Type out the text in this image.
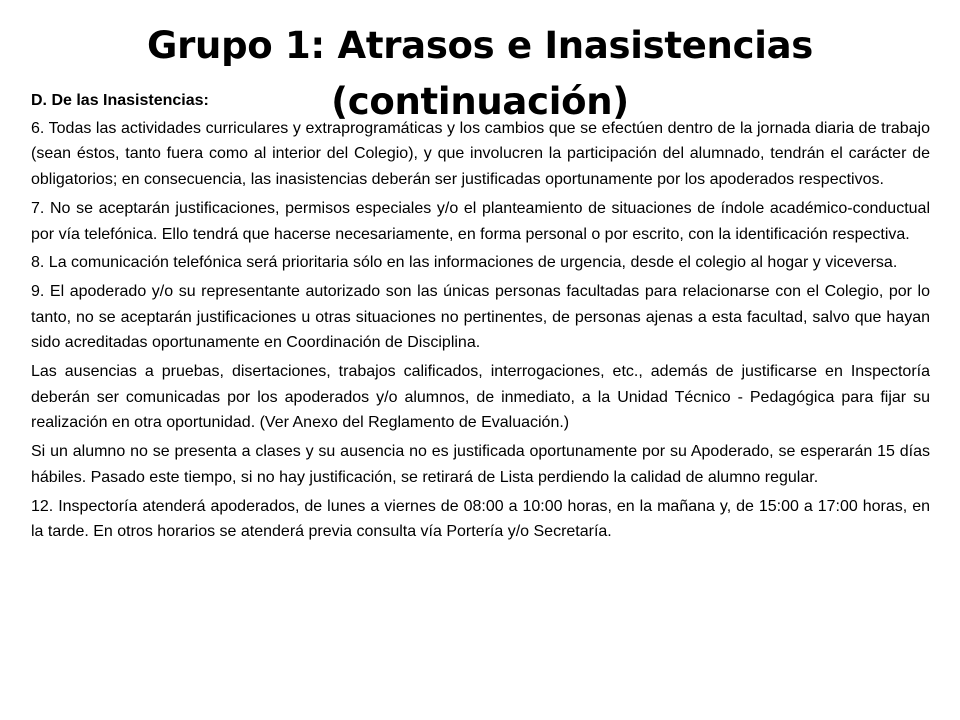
Grupo 1: Atrasos e Inasistencias (continuación)

D. De las Inasistencias:

6. Todas las actividades curriculares y extraprogramáticas y los cambios que se efectúen dentro de la jornada diaria de trabajo (sean éstos, tanto fuera como al interior del Colegio), y que involucren la participación del alumnado, tendrán el carácter de obligatorios; en consecuencia, las inasistencias deberán ser justificadas oportunamente por los apoderados respectivos.

7. No se aceptarán justificaciones, permisos especiales y/o el planteamiento de situaciones de índole académico-conductual por vía telefónica. Ello tendrá que hacerse necesariamente, en forma personal o por escrito, con la identificación respectiva.

8. La comunicación telefónica será prioritaria sólo en las informaciones de urgencia, desde el colegio al hogar y viceversa.

9. El apoderado y/o su representante autorizado son las únicas personas facultadas para relacionarse con el Colegio, por lo tanto, no se aceptarán justificaciones u otras situaciones no pertinentes, de personas ajenas a esta facultad, salvo que hayan sido acreditadas oportunamente en Coordinación de Disciplina.

Las ausencias a pruebas, disertaciones, trabajos calificados, interrogaciones, etc., además de justificarse en Inspectoría deberán ser comunicadas por los apoderados y/o alumnos, de inmediato, a la Unidad Técnico - Pedagógica para fijar su realización en otra oportunidad. (Ver Anexo del Reglamento de Evaluación.)

Si un alumno no se presenta a clases y su ausencia no es justificada oportunamente por su Apoderado, se esperarán 15 días hábiles. Pasado este tiempo, si no hay justificación, se retirará de Lista perdiendo la calidad de alumno regular.

12. Inspectoría atenderá apoderados, de lunes a viernes de 08:00 a 10:00 horas, en la mañana y, de 15:00 a 17:00 horas, en la tarde. En otros horarios se atenderá previa consulta vía Portería y/o Secretaría.
